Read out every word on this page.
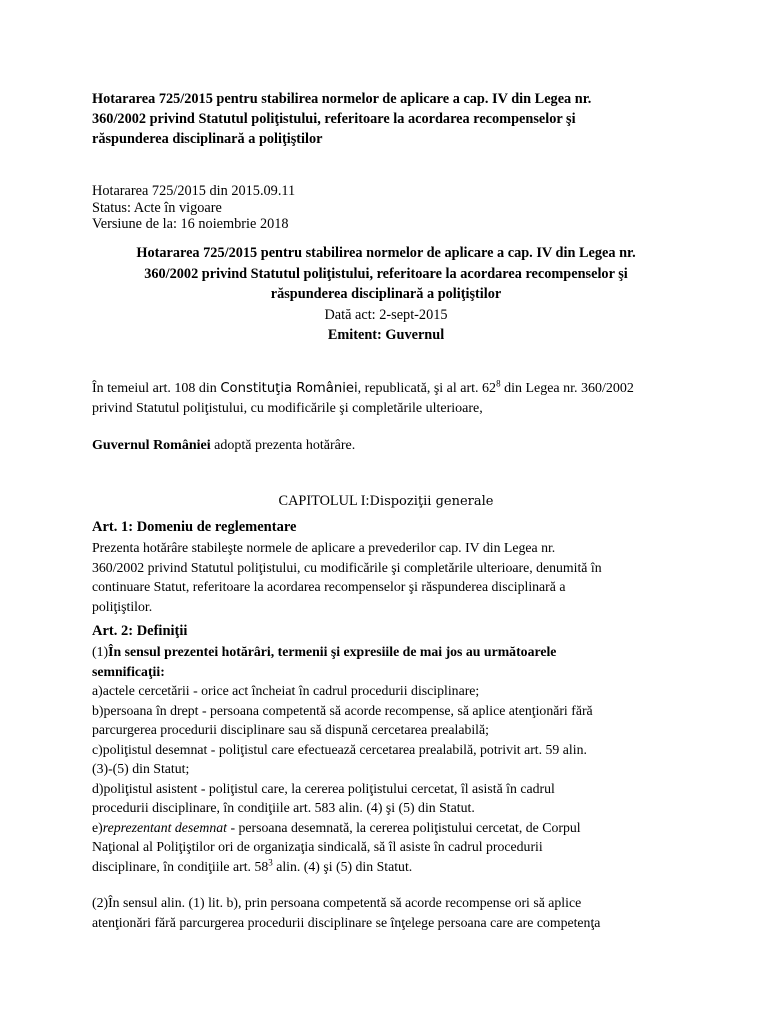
Hotararea 725/2015 pentru stabilirea normelor de aplicare a cap. IV din Legea nr.
360/2002 privind Statutul poliţistului, referitoare la acordarea recompenselor şi
răspunderea disciplinară a poliţiştilor
Hotararea 725/2015 din 2015.09.11
Status: Acte în vigoare
Versiune de la: 16 noiembrie 2018
Hotararea 725/2015 pentru stabilirea normelor de aplicare a cap. IV din Legea nr.
360/2002 privind Statutul poliţistului, referitoare la acordarea recompenselor şi
răspunderea disciplinară a poliţiştilor
Dată act: 2-sept-2015
Emitent: Guvernul
În temeiul art. 108 din Constituţia României, republicată, şi al art. $62^8$ din Legea nr. 360/2002
privind Statutul poliţistului, cu modificările şi completările ulterioare,
Guvernul României adoptă prezenta hotărâre.
CAPITOLUL I:Dispoziţii generale
Art. 1: Domeniu de reglementare
Prezenta hotărâre stabileşte normele de aplicare a prevederilor cap. IV din Legea nr.
360/2002 privind Statutul poliţistului, cu modificările şi completările ulterioare, denumită în
continuare Statut, referitoare la acordarea recompenselor şi răspunderea disciplinară a
poliţiştilor.
Art. 2: Definiţii
(1)În sensul prezentei hotărâri, termenii şi expresiile de mai jos au următoarele
semnificaţii:
a)actele cercetării - orice act încheiat în cadrul procedurii disciplinare;
b)persoana în drept - persoana competentă să acorde recompense, să aplice atenţionări fără
parcurgerea procedurii disciplinare sau să dispună cercetarea prealabilă;
c)poliţistul desemnat - poliţistul care efectuează cercetarea prealabilă, potrivit art. 59 alin.
(3)-(5) din Statut;
d)poliţistul asistent - poliţistul care, la cererea poliţistului cercetat, îl asistă în cadrul
procedurii disciplinare, în condiţiile art. 583 alin. (4) şi (5) din Statut.
e)reprezentant desemnat - persoana desemnată, la cererea poliţistului cercetat, de Corpul
Naţional al Poliţiştilor ori de organizaţia sindicală, să îl asiste în cadrul procedurii
disciplinare, în condiţiile art. $58^3$ alin. (4) şi (5) din Statut.
(2)În sensul alin. (1) lit. b), prin persoana competentă să acorde recompense ori să aplice
atenţionări fără parcurgerea procedurii disciplinare se înţelege persoana care are competenţa
